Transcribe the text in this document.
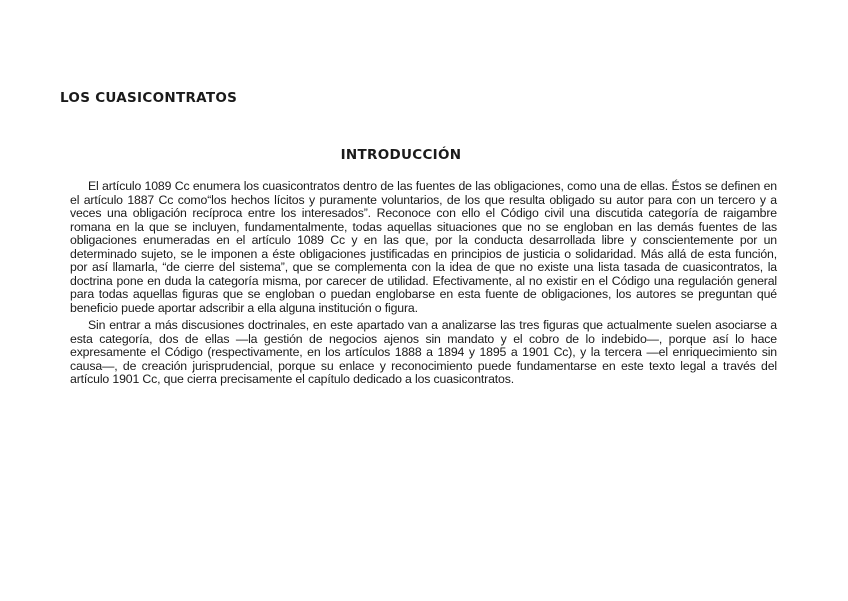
LOS CUASICONTRATOS
INTRODUCCIÓN

El artículo 1089 Cc enumera los cuasicontratos dentro de las fuentes de las obligaciones, como una de ellas. Éstos se definen en el artículo 1887 Cc como“los hechos lícitos y puramente voluntarios, de los que resulta obligado su autor para con un tercero y a veces una obligación recíproca entre los interesados”. Reconoce con ello el Código civil una discutida categoría de raigambre romana en la que se incluyen, fundamentalmente, todas aquellas situaciones que no se engloban en las demás fuentes de las obligaciones enumeradas en el artículo 1089 Cc y en las que, por la conducta desarrollada libre y conscientemente por un determinado sujeto, se le imponen a éste obligaciones justificadas en principios de justicia o solidaridad. Más allá de esta función, por así llamarla, “de cierre del sistema”, que se complementa con la idea de que no existe una lista tasada de cuasicontratos, la doctrina pone en duda la categoría misma, por carecer de utilidad. Efectivamente, al no existir en el Código una regulación general para todas aquellas figuras que se engloban o puedan englobarse en esta fuente de obligaciones, los autores se preguntan qué beneficio puede aportar adscribir a ella alguna institución o figura.

Sin entrar a más discusiones doctrinales, en este apartado van a analizarse las tres figuras que actualmente suelen asociarse a esta categoría, dos de ellas —la gestión de negocios ajenos sin mandato y el cobro de lo indebido—, porque así lo hace expresamente el Código (respectivamente, en los artículos 1888 a 1894 y 1895 a 1901 Cc), y la tercera —el enriquecimiento sin causa—, de creación jurisprudencial, porque su enlace y reconocimiento puede fundamentarse en este texto legal a través del artículo 1901 Cc, que cierra precisamente el capítulo dedicado a los cuasicontratos.
